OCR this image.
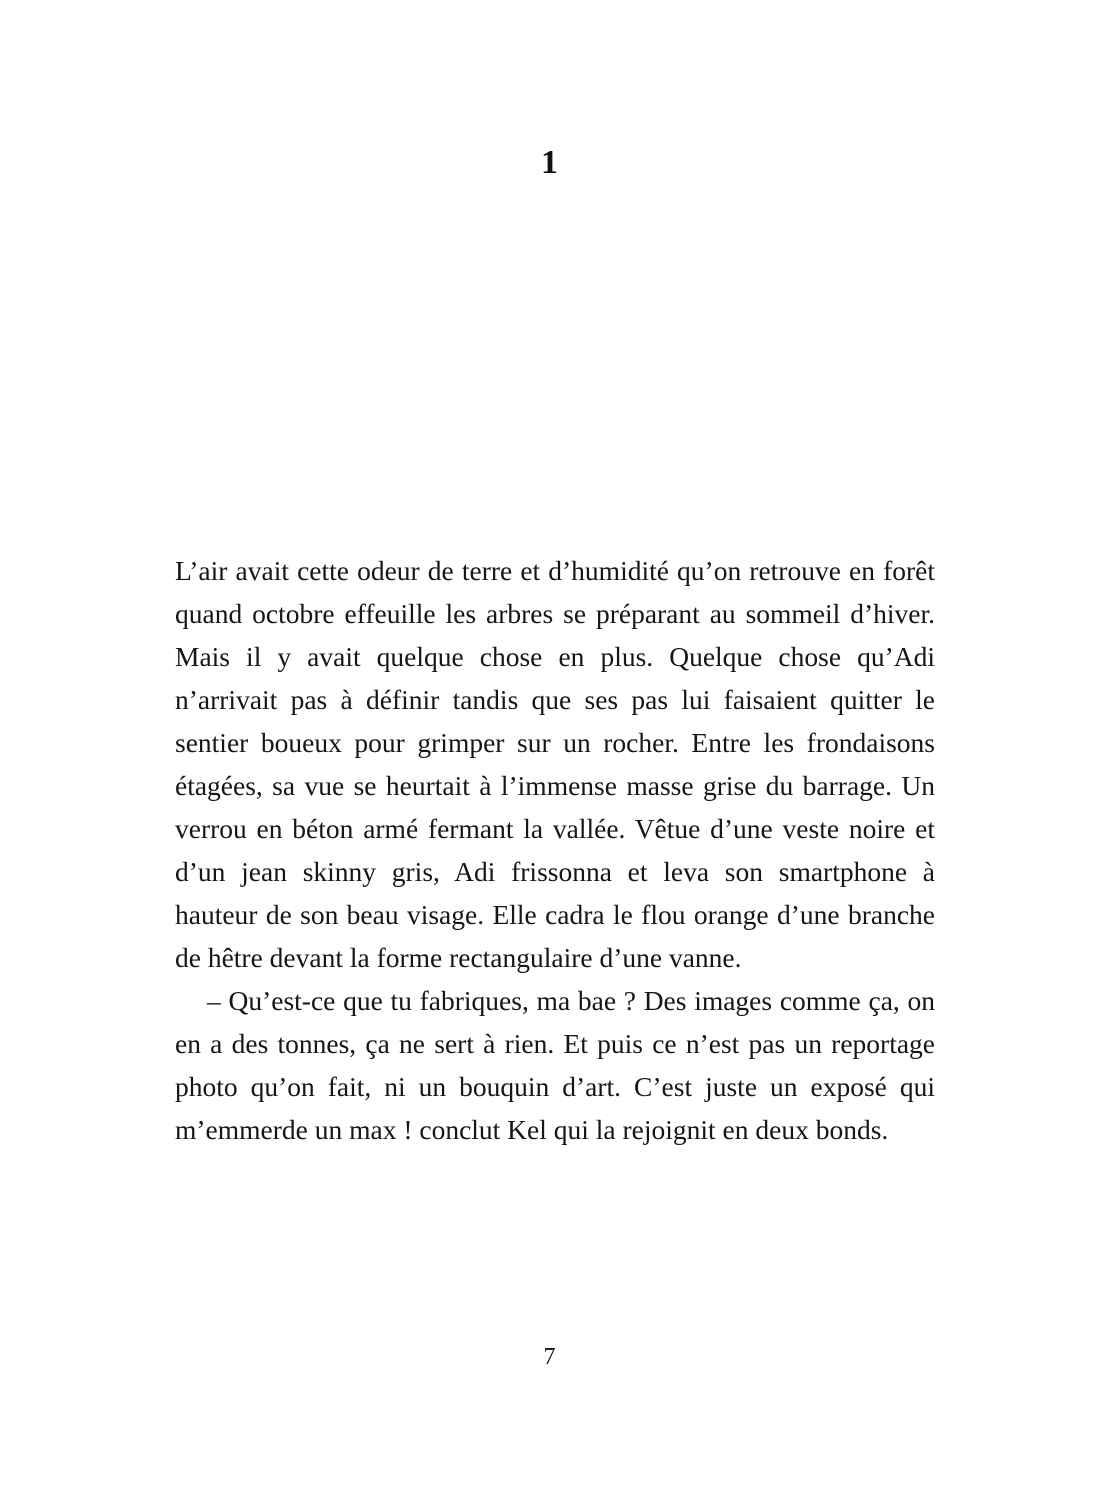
1

L’air avait cette odeur de terre et d’humidité qu’on retrouve en forêt quand octobre effeuille les arbres se préparant au sommeil d’hiver. Mais il y avait quelque chose en plus. Quelque chose qu’Adi n’arrivait pas à définir tandis que ses pas lui faisaient quitter le sentier boueux pour grimper sur un rocher. Entre les frondaisons étagées, sa vue se heurtait à l’immense masse grise du barrage. Un verrou en béton armé fermant la vallée. Vêtue d’une veste noire et d’un jean skinny gris, Adi frissonna et leva son smartphone à hauteur de son beau visage. Elle cadra le flou orange d’une branche de hêtre devant la forme rectangulaire d’une vanne.

– Qu’est-ce que tu fabriques, ma bae ? Des images comme ça, on en a des tonnes, ça ne sert à rien. Et puis ce n’est pas un reportage photo qu’on fait, ni un bouquin d’art. C’est juste un exposé qui m’emmerde un max ! conclut Kel qui la rejoignit en deux bonds.

7
